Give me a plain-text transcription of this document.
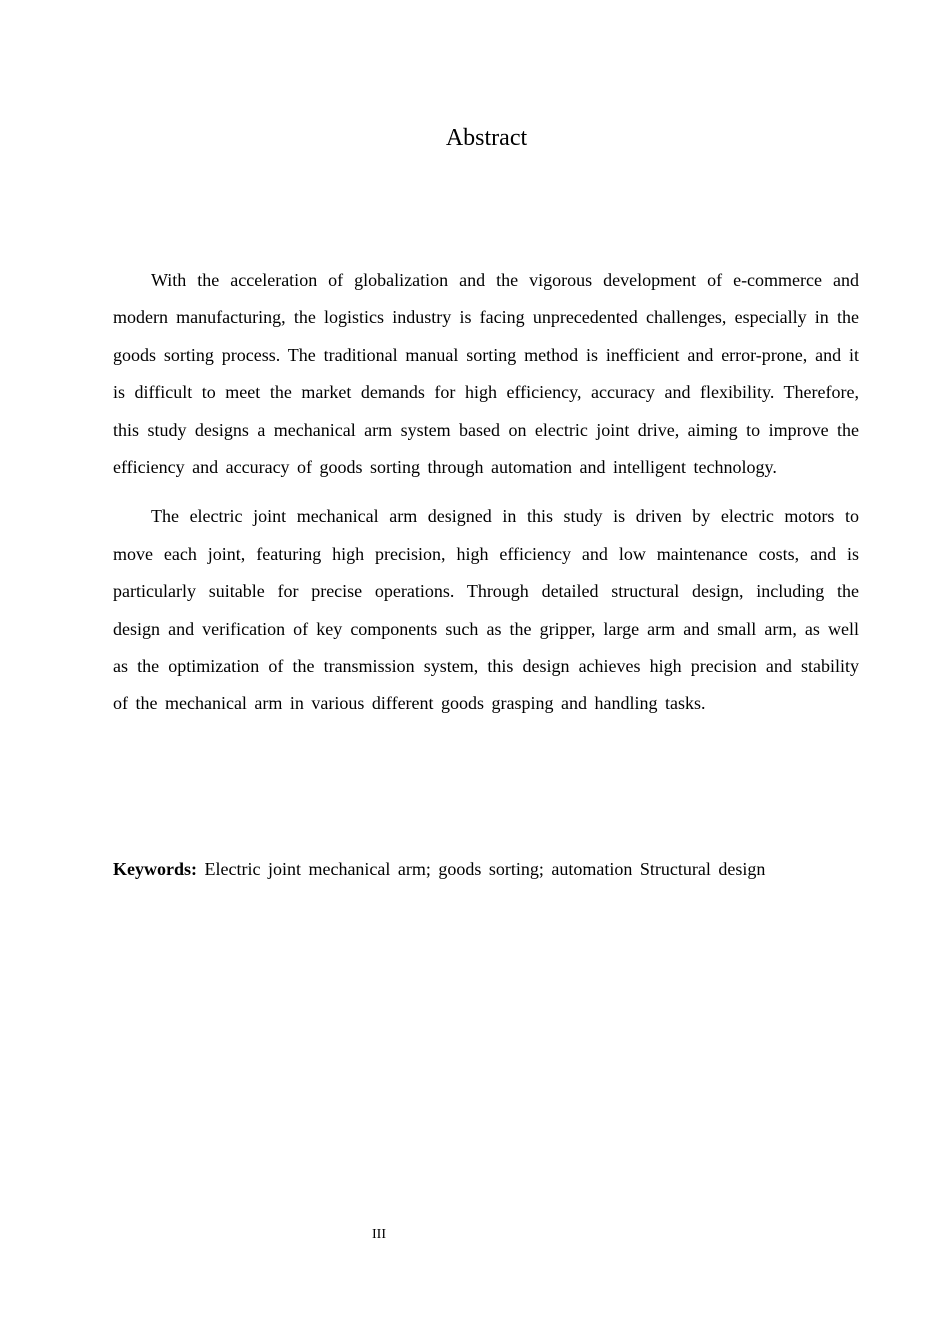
Abstract

With the acceleration of globalization and the vigorous development of e-commerce and modern manufacturing, the logistics industry is facing unprecedented challenges, especially in the goods sorting process. The traditional manual sorting method is inefficient and error-prone, and it is difficult to meet the market demands for high efficiency, accuracy and flexibility. Therefore, this study designs a mechanical arm system based on electric joint drive, aiming to improve the efficiency and accuracy of goods sorting through automation and intelligent technology.

The electric joint mechanical arm designed in this study is driven by electric motors to move each joint, featuring high precision, high efficiency and low maintenance costs, and is particularly suitable for precise operations. Through detailed structural design, including the design and verification of key components such as the gripper, large arm and small arm, as well as the optimization of the transmission system, this design achieves high precision and stability of the mechanical arm in various different goods grasping and handling tasks.

Keywords: Electric joint mechanical arm; goods sorting; automation Structural design

III
